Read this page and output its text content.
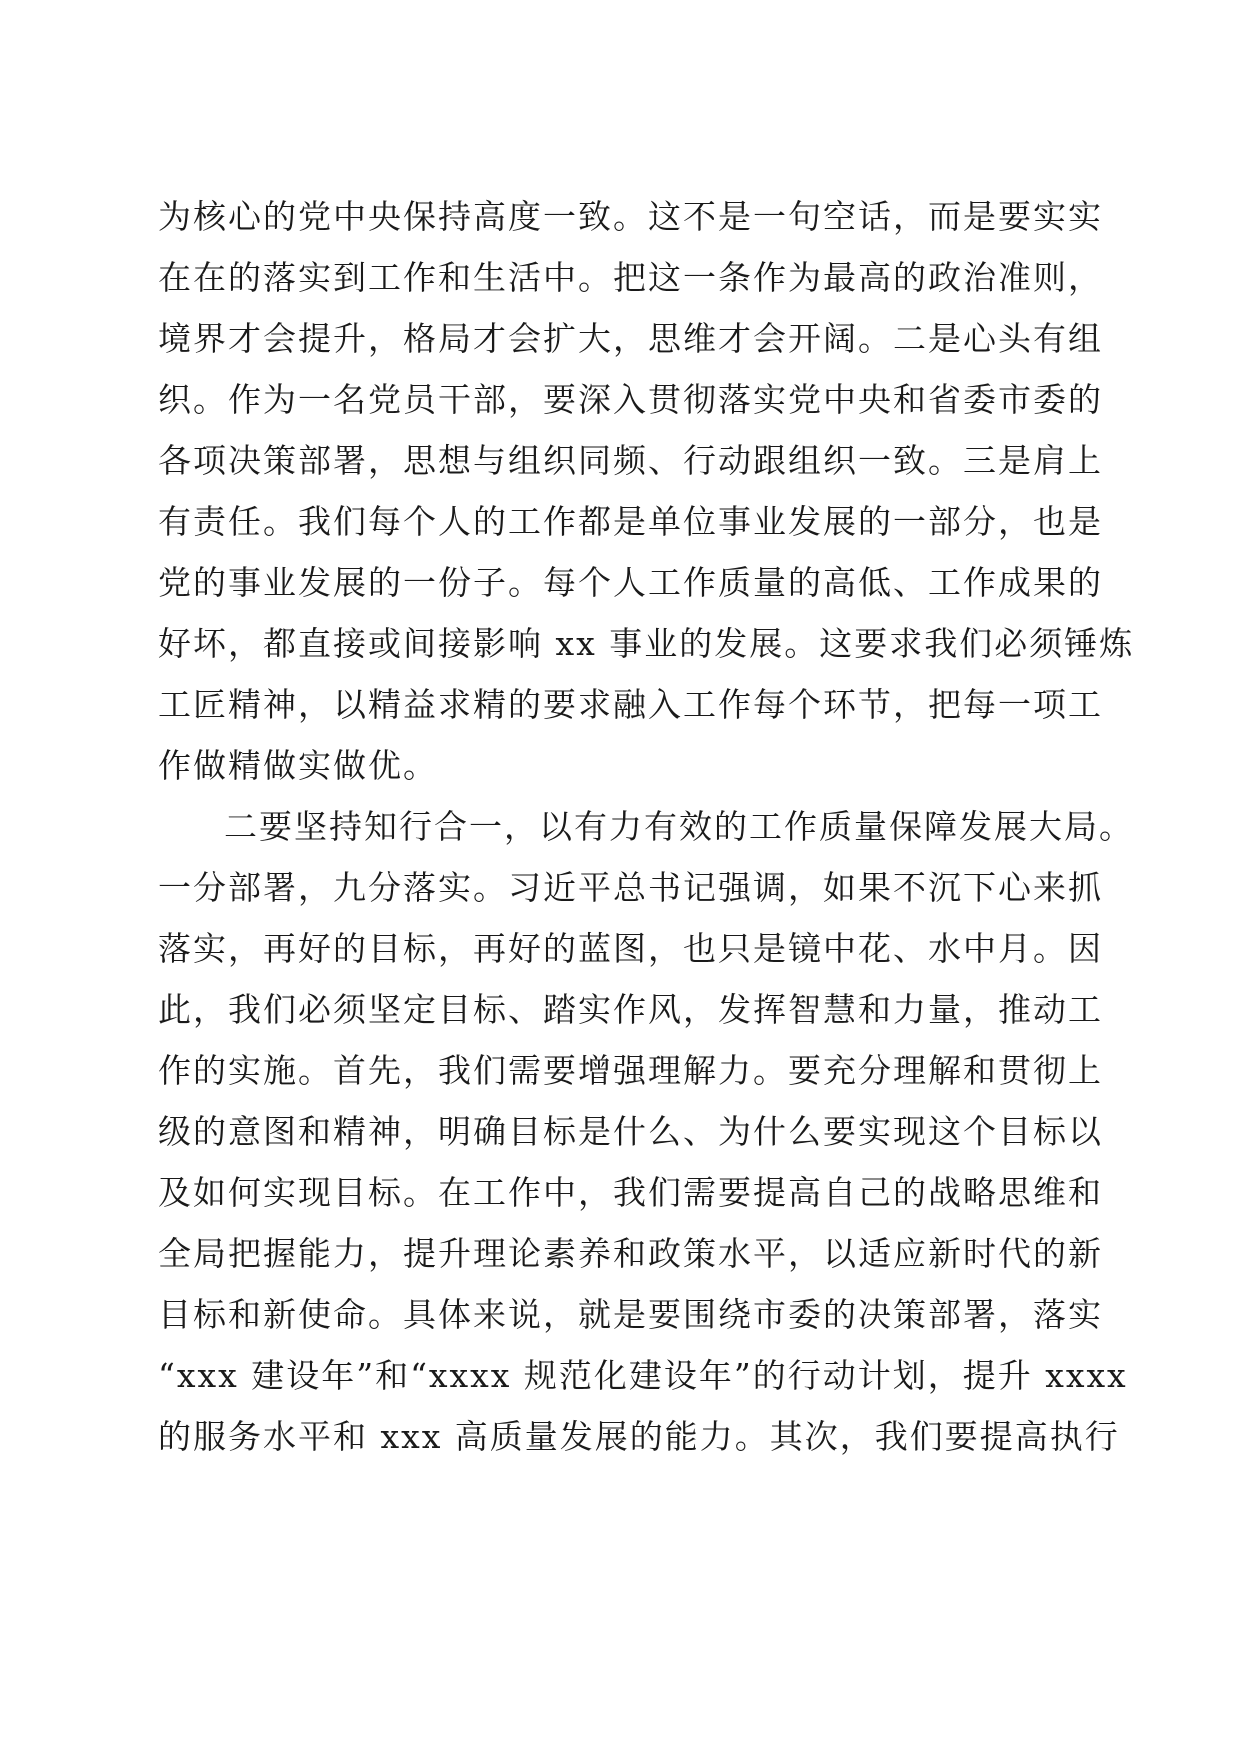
为核心的党中央保持高度一致。这不是一句空话，而是要实实
在在的落实到工作和生活中。把这一条作为最高的政治准则，
境界才会提升，格局才会扩大，思维才会开阔。二是心头有组
织。作为一名党员干部，要深入贯彻落实党中央和省委市委的
各项决策部署，思想与组织同频、行动跟组织一致。三是肩上
有责任。我们每个人的工作都是单位事业发展的一部分，也是
党的事业发展的一份子。每个人工作质量的高低、工作成果的
好坏，都直接或间接影响 xx 事业的发展。这要求我们必须锤炼
工匠精神，以精益求精的要求融入工作每个环节，把每一项工
作做精做实做优。
二要坚持知行合一，以有力有效的工作质量保障发展大局。
一分部署，九分落实。习近平总书记强调，如果不沉下心来抓
落实，再好的目标，再好的蓝图，也只是镜中花、水中月。因
此，我们必须坚定目标、踏实作风，发挥智慧和力量，推动工
作的实施。首先，我们需要增强理解力。要充分理解和贯彻上
级的意图和精神，明确目标是什么、为什么要实现这个目标以
及如何实现目标。在工作中，我们需要提高自己的战略思维和
全局把握能力，提升理论素养和政策水平，以适应新时代的新
目标和新使命。具体来说，就是要围绕市委的决策部署，落实
“xxx 建设年”和“xxxx 规范化建设年”的行动计划，提升 xxxx
的服务水平和 xxx 高质量发展的能力。其次，我们要提高执行
